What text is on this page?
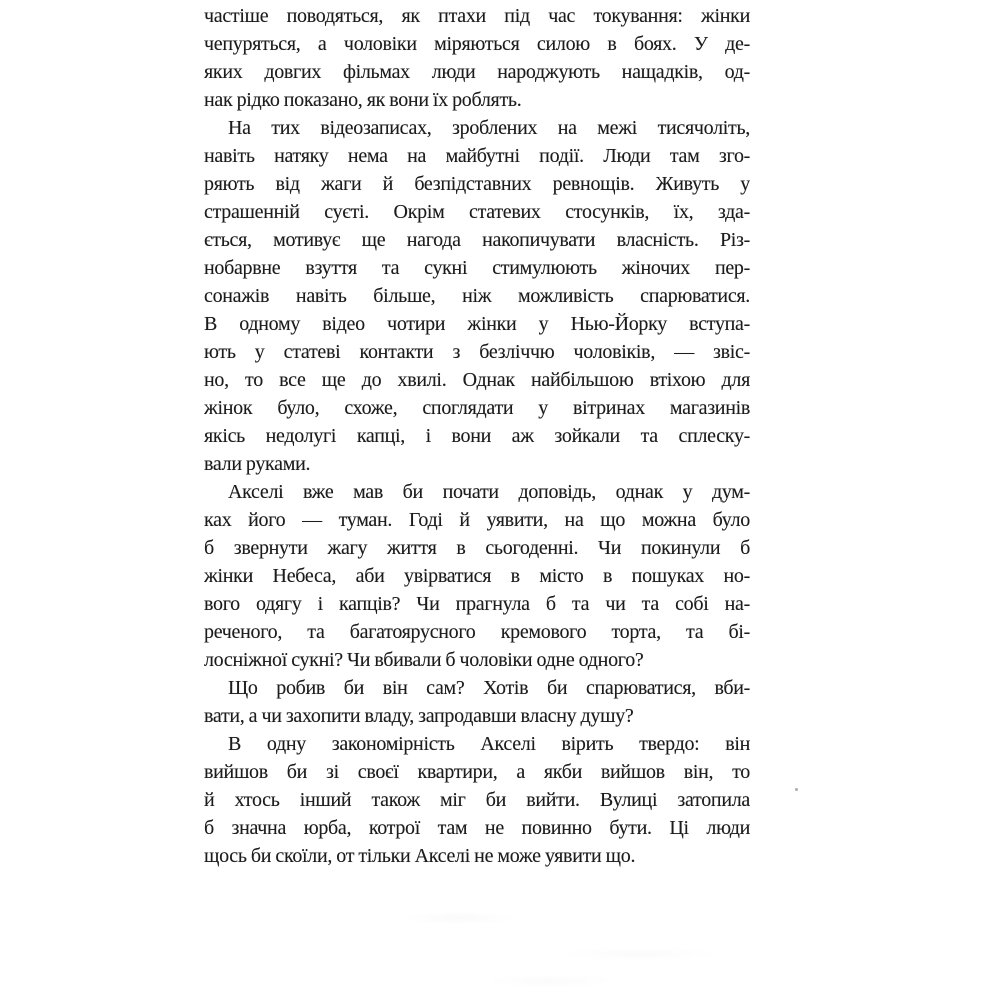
частіше поводяться, як птахи під час токування: жінки
чепуряться, а чоловіки міряються силою в боях. У де-
яких довгих фільмах люди народжують нащадків, од-
нак рідко показано, як вони їх роблять.
На тих відеозаписах, зроблених на межі тисячоліть,
навіть натяку нема на майбутні події. Люди там зго-
ряють від жаги й безпідставних ревнощів. Живуть у
страшенній суєті. Окрім статевих стосунків, їх, зда-
ється, мотивує ще нагода накопичувати власність. Різ-
нобарвне взуття та сукні стимулюють жіночих пер-
сонажів навіть більше, ніж можливість спарюватися.
В одному відео чотири жінки у Нью-Йорку вступа-
ють у статеві контакти з безліччю чоловіків, — звіс-
но, то все ще до хвилі. Однак найбільшою втіхою для
жінок було, схоже, споглядати у вітринах магазинів
якісь недолугі капці, і вони аж зойкали та сплеску-
вали руками.
Акселі вже мав би почати доповідь, однак у дум-
ках його — туман. Годі й уявити, на що можна було
б звернути жагу життя в сьогоденні. Чи покинули б
жінки Небеса, аби увірватися в місто в пошуках но-
вого одягу і капців? Чи прагнула б та чи та собі на-
реченого, та багатоярусного кремового торта, та бі-
лосніжної сукні? Чи вбивали б чоловіки одне одного?
Що робив би він сам? Хотів би спарюватися, вби-
вати, а чи захопити владу, запродавши власну душу?
В одну закономірність Акселі вірить твердо: він
вийшов би зі своєї квартири, а якби вийшов він, то
й хтось інший також міг би вийти. Вулиці затопила
б значна юрба, котрої там не повинно бути. Ці люди
щось би скоїли, от тільки Акселі не може уявити що.
